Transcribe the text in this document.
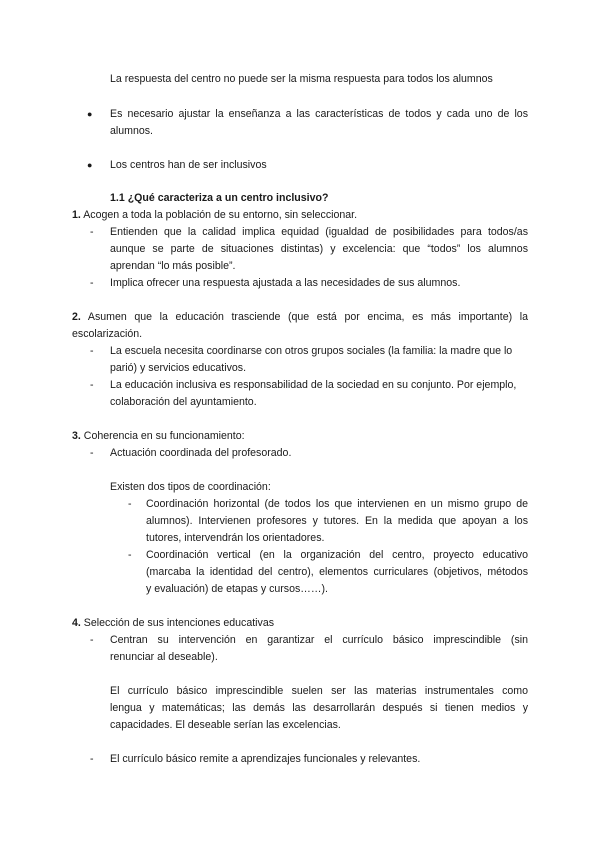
La respuesta del centro no puede ser la misma respuesta para todos los alumnos
● Es necesario ajustar la enseñanza a las características de todos y cada uno de los
alumnos.
● Los centros han de ser inclusivos
1.1 ¿Qué caracteriza a un centro inclusivo?
1. Acogen a toda la población de su entorno, sin seleccionar.
- Entienden que la calidad implica equidad (igualdad de posibilidades para todos/as
aunque se parte de situaciones distintas) y excelencia: que “todos” los alumnos
aprendan “lo más posible”.
- Implica ofrecer una respuesta ajustada a las necesidades de sus alumnos.
2. Asumen que la educación trasciende (que está por encima, es más importante) la
escolarización.
- La escuela necesita coordinarse con otros grupos sociales (la familia: la madre que lo
parió) y servicios educativos.
- La educación inclusiva es responsabilidad de la sociedad en su conjunto. Por ejemplo,
colaboración del ayuntamiento.
3. Coherencia en su funcionamiento:
- Actuación coordinada del profesorado.
Existen dos tipos de coordinación:
- Coordinación horizontal (de todos los que intervienen en un mismo grupo de
alumnos). Intervienen profesores y tutores. En la medida que apoyan a los
tutores, intervendrán los orientadores.
- Coordinación vertical (en la organización del centro, proyecto educativo
(marcaba la identidad del centro), elementos curriculares (objetivos, métodos
y evaluación) de etapas y cursos……).
4. Selección de sus intenciones educativas
- Centran su intervención en garantizar el currículo básico imprescindible (sin
renunciar al deseable).
El currículo básico imprescindible suelen ser las materias instrumentales como
lengua y matemáticas; las demás las desarrollarán después si tienen medios y
capacidades. El deseable serían las excelencias.
- El currículo básico remite a aprendizajes funcionales y relevantes.
